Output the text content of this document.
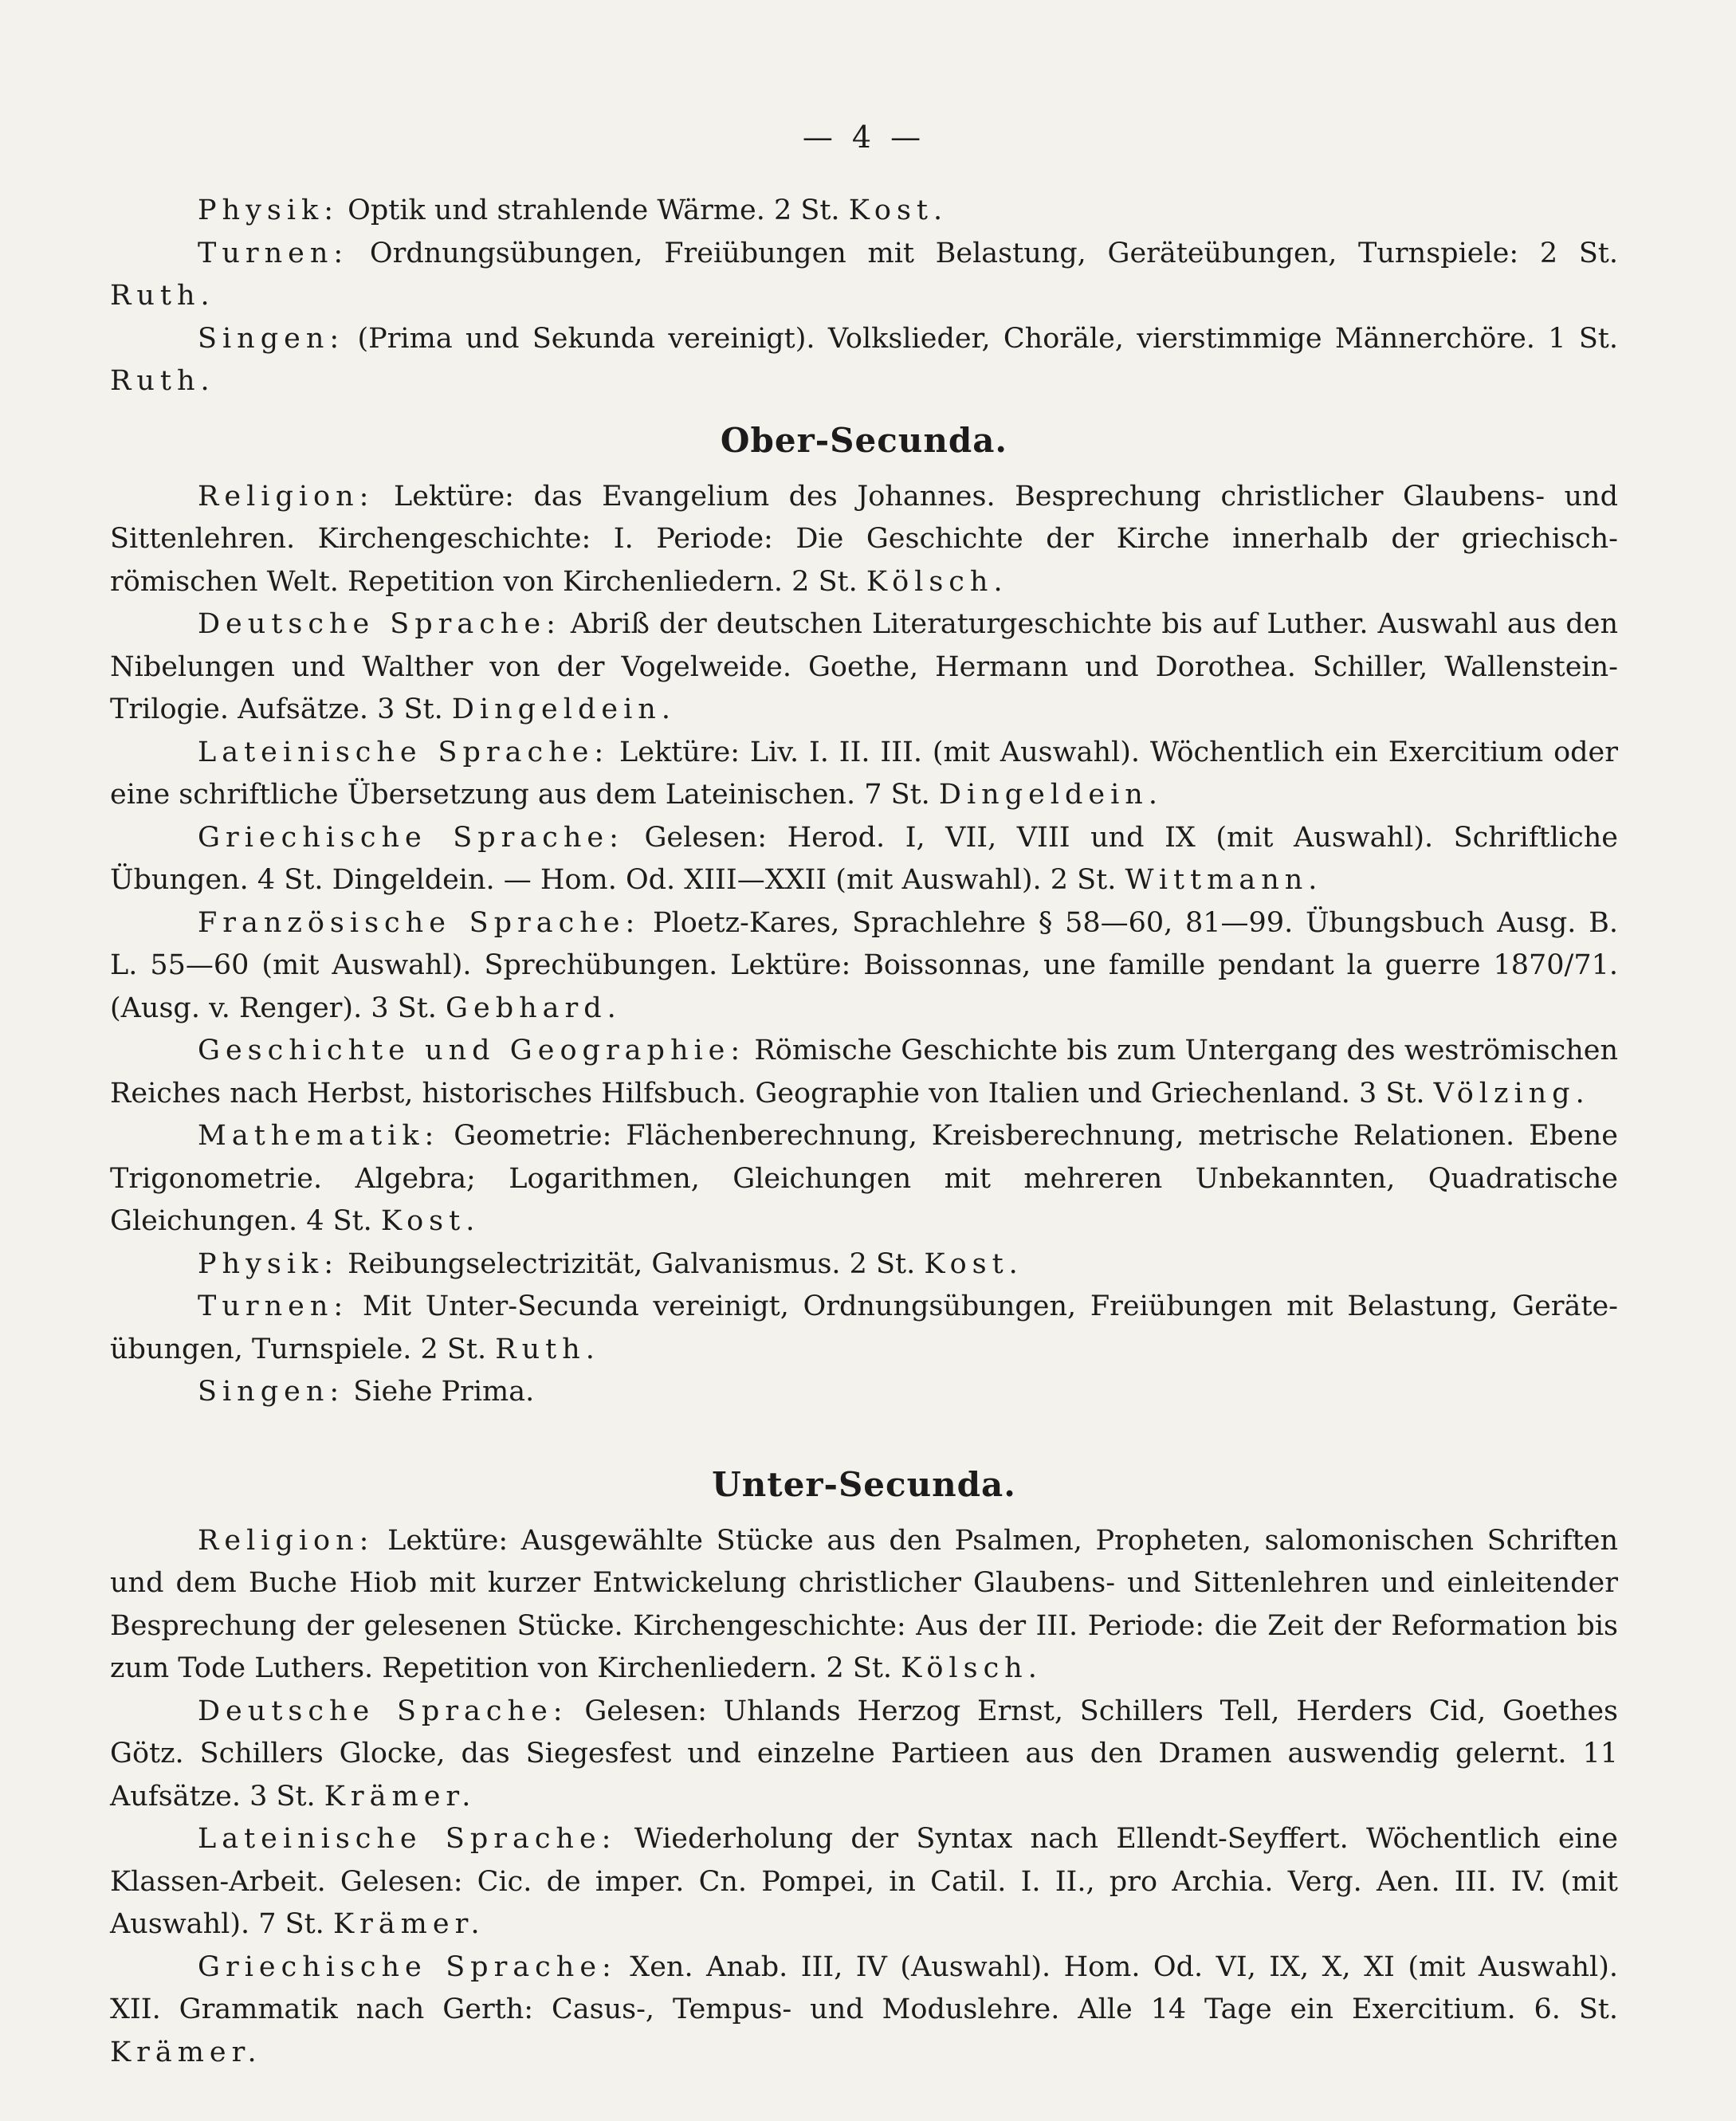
— 4 —

Physik: Optik und strahlende Wärme. 2 St. Kost.

Turnen: Ordnungsübungen, Freiübungen mit Belastung, Geräteübungen, Turnspiele: 2 St. Ruth.

Singen: (Prima und Sekunda vereinigt). Volkslieder, Choräle, vierstimmige Männerchöre. 1 St. Ruth.

Ober-Secunda.

Religion: Lektüre: das Evangelium des Johannes. Besprechung christlicher Glaubens- und Sittenlehren. Kirchengeschichte: I. Periode: Die Geschichte der Kirche innerhalb der griechisch-römischen Welt. Repetition von Kirchenliedern. 2 St. Kölsch.

Deutsche Sprache: Abriß der deutschen Literaturgeschichte bis auf Luther. Auswahl aus den Nibelungen und Walther von der Vogelweide. Goethe, Hermann und Dorothea. Schiller, Wallenstein-Trilogie. Aufsätze. 3 St. Dingeldein.

Lateinische Sprache: Lektüre: Liv. I. II. III. (mit Auswahl). Wöchentlich ein Exercitium oder eine schriftliche Übersetzung aus dem Lateinischen. 7 St. Dingeldein.

Griechische Sprache: Gelesen: Herod. I, VII, VIII und IX (mit Auswahl). Schriftliche Übungen. 4 St. Dingeldein. — Hom. Od. XIII—XXII (mit Auswahl). 2 St. Wittmann.

Französische Sprache: Ploetz-Kares, Sprachlehre § 58—60, 81—99. Übungsbuch Ausg. B. L. 55—60 (mit Auswahl). Sprechübungen. Lektüre: Boissonnas, une famille pendant la guerre 1870/71. (Ausg. v. Renger). 3 St. Gebhard.

Geschichte und Geographie: Römische Geschichte bis zum Untergang des weströmischen Reiches nach Herbst, historisches Hilfsbuch. Geographie von Italien und Griechenland. 3 St. Völzing.

Mathematik: Geometrie: Flächenberechnung, Kreisberechnung, metrische Relationen. Ebene Trigonometrie. Algebra; Logarithmen, Gleichungen mit mehreren Unbekannten, Quadratische Gleichungen. 4 St. Kost.

Physik: Reibungselectrizität, Galvanismus. 2 St. Kost.

Turnen: Mit Unter-Secunda vereinigt, Ordnungsübungen, Freiübungen mit Belastung, Geräte-übungen, Turnspiele. 2 St. Ruth.

Singen: Siehe Prima.

Unter-Secunda.

Religion: Lektüre: Ausgewählte Stücke aus den Psalmen, Propheten, salomonischen Schriften und dem Buche Hiob mit kurzer Entwickelung christlicher Glaubens- und Sittenlehren und einleitender Besprechung der gelesenen Stücke. Kirchengeschichte: Aus der III. Periode: die Zeit der Reformation bis zum Tode Luthers. Repetition von Kirchenliedern. 2 St. Kölsch.

Deutsche Sprache: Gelesen: Uhlands Herzog Ernst, Schillers Tell, Herders Cid, Goethes Götz. Schillers Glocke, das Siegesfest und einzelne Partieen aus den Dramen auswendig gelernt. 11 Aufsätze. 3 St. Krämer.

Lateinische Sprache: Wiederholung der Syntax nach Ellendt-Seyffert. Wöchentlich eine Klassen-Arbeit. Gelesen: Cic. de imper. Cn. Pompei, in Catil. I. II., pro Archia. Verg. Aen. III. IV. (mit Auswahl). 7 St. Krämer.

Griechische Sprache: Xen. Anab. III, IV (Auswahl). Hom. Od. VI, IX, X, XI (mit Auswahl). XII. Grammatik nach Gerth: Casus-, Tempus- und Moduslehre. Alle 14 Tage ein Exercitium. 6. St. Krämer.
